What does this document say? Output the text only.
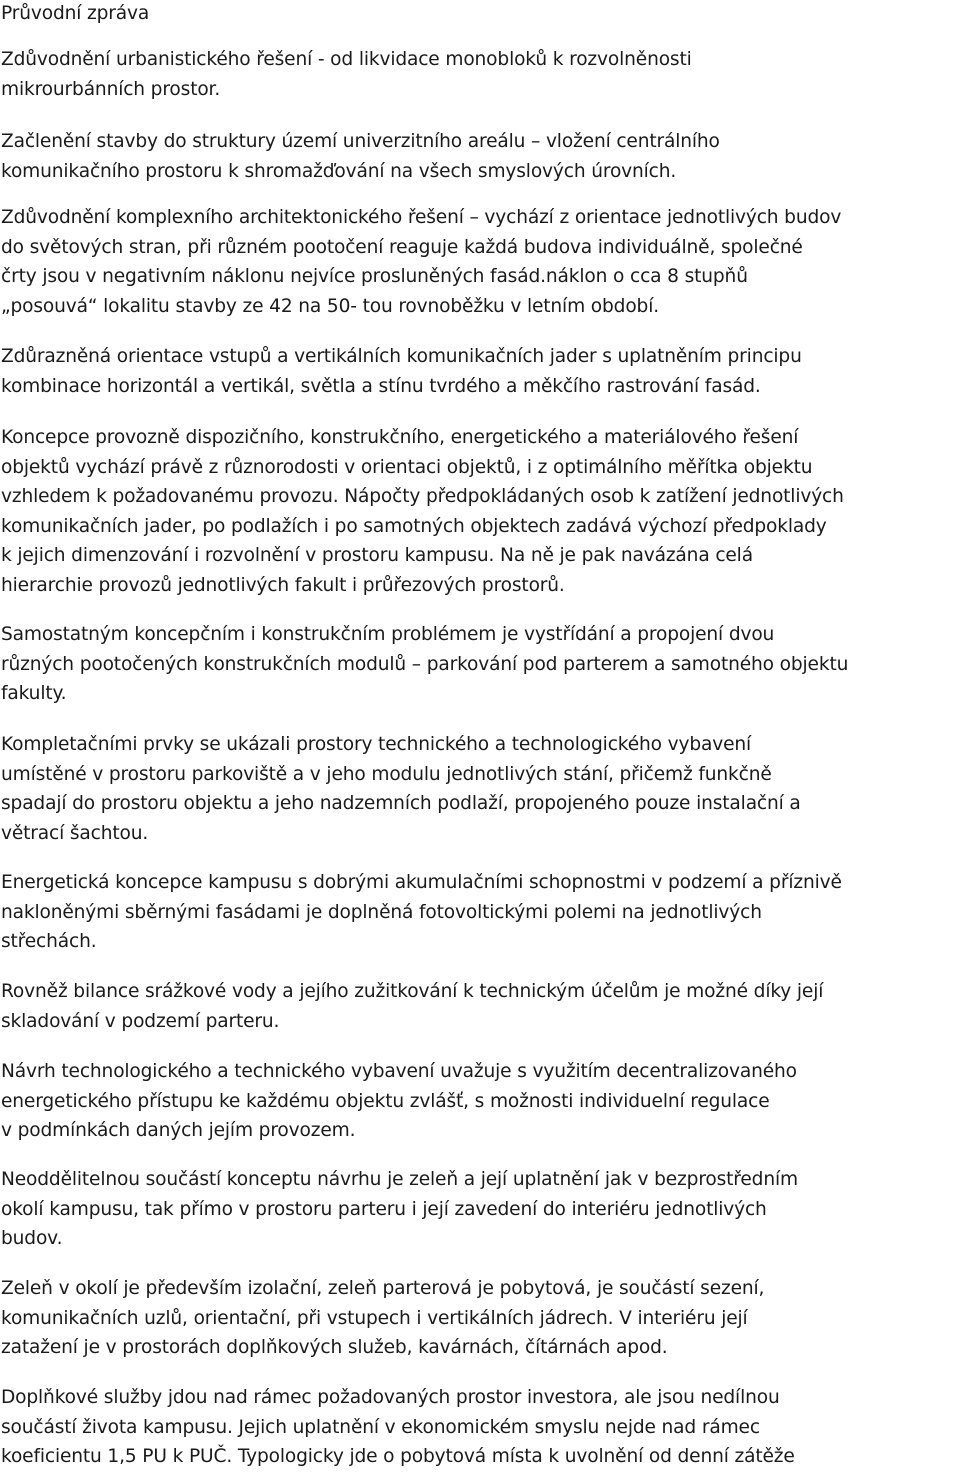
Průvodní zpráva
Zdůvodnění urbanistického řešení - od likvidace monobloků k rozvolněnosti
mikrourbánních prostor.
Začlenění stavby do struktury území univerzitního areálu – vložení centrálního
komunikačního prostoru k shromažďování na všech smyslových úrovních.
Zdůvodnění komplexního architektonického řešení – vychází z orientace jednotlivých budov
do světových stran, při různém pootočení reaguje každá budova individuálně, společné
črty jsou v negativním náklonu nejvíce prosluněných fasád.náklon o cca 8 stupňů
„posouvá“ lokalitu stavby ze 42 na 50- tou rovnoběžku v letním období.
Zdůrazněná orientace vstupů a vertikálních komunikačních jader s uplatněním principu
kombinace horizontál a vertikál, světla a stínu tvrdého a měkčího rastrování fasád.
Koncepce provozně dispozičního, konstrukčního, energetického a materiálového řešení
objektů vychází právě z různorodosti v orientaci objektů, i z optimálního měřítka objektu
vzhledem k požadovanému provozu. Nápočty předpokládaných osob k zatížení jednotlivých
komunikačních jader, po podlažích i po samotných objektech zadává výchozí předpoklady
k jejich dimenzování i rozvolnění v prostoru kampusu. Na ně je pak navázána celá
hierarchie provozů jednotlivých fakult i průřezových prostorů.
Samostatným koncepčním i konstrukčním problémem je vystřídání a propojení dvou
různých pootočených konstrukčních modulů – parkování pod parterem a samotného objektu
fakulty.
Kompletačními prvky se ukázali prostory technického a technologického vybavení
umístěné v prostoru parkoviště a v jeho modulu jednotlivých stání, přičemž funkčně
spadají do prostoru objektu a jeho nadzemních podlaží, propojeného pouze instalační a
větrací šachtou.
Energetická koncepce kampusu s dobrými akumulačními schopnostmi v podzemí a příznivě
nakloněnými sběrnými fasádami je doplněná fotovoltickými polemi na jednotlivých
střechách.
Rovněž bilance srážkové vody a jejího zužitkování k technickým účelům je možné díky její
skladování v podzemí parteru.
Návrh technologického a technického vybavení uvažuje s využitím decentralizovaného
energetického přístupu ke každému objektu zvlášť, s možnosti individuelní regulace
v podmínkách daných jejím provozem.
Neoddělitelnou součástí konceptu návrhu je zeleň a její uplatnění jak v bezprostředním
okolí kampusu, tak přímo v prostoru parteru i její zavedení do interiéru jednotlivých
budov.
Zeleň v okolí je především izolační, zeleň parterová je pobytová, je součástí sezení,
komunikačních uzlů, orientační, při vstupech i vertikálních jádrech. V interiéru její
zatažení je v prostorách doplňkových služeb, kavárnách, čítárnách apod.
Doplňkové služby jdou nad rámec požadovaných prostor investora, ale jsou nedílnou
součástí života kampusu. Jejich uplatnění v ekonomickém smyslu nejde nad rámec
koeficientu 1,5 PU k PUČ. Typologicky jde o pobytová místa k uvolnění od denní zátěže
